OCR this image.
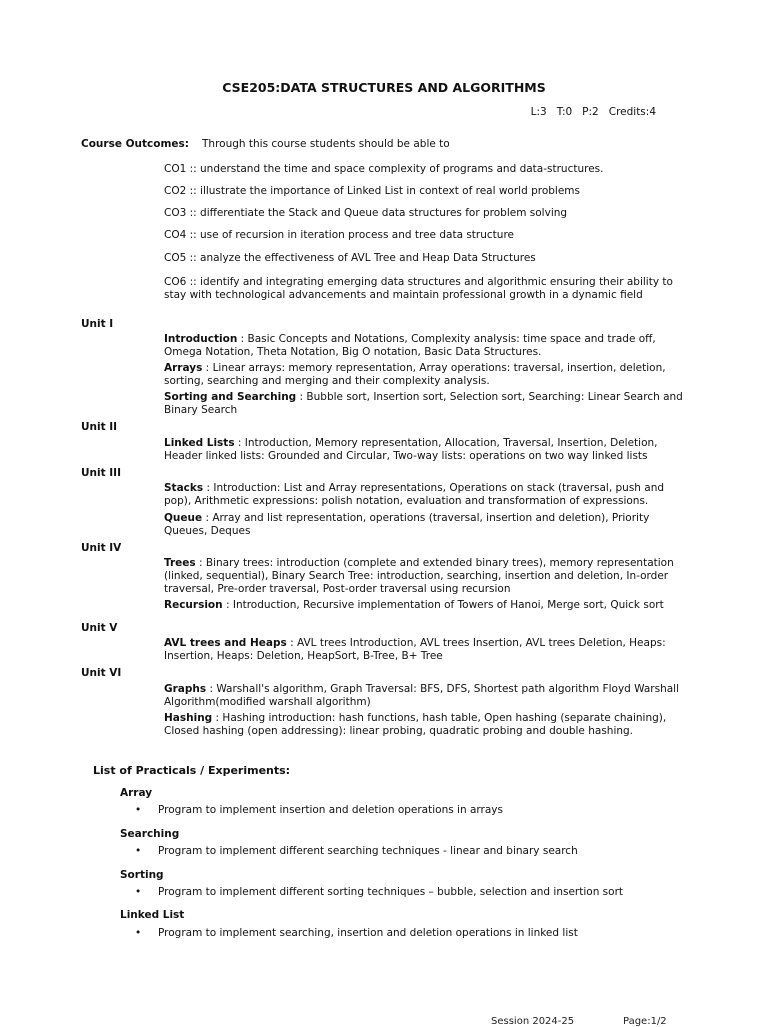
CSE205:DATA STRUCTURES AND ALGORITHMS
L:3 T:0 P:2 Credits:4
Course Outcomes: Through this course students should be able to
CO1 :: understand the time and space complexity of programs and data-structures.
CO2 :: illustrate the importance of Linked List in context of real world problems
CO3 :: differentiate the Stack and Queue data structures for problem solving
CO4 :: use of recursion in iteration process and tree data structure
CO5 :: analyze the effectiveness of AVL Tree and Heap Data Structures
CO6 :: identify and integrating emerging data structures and algorithmic ensuring their ability to stay with technological advancements and maintain professional growth in a dynamic field
Unit I
Introduction : Basic Concepts and Notations, Complexity analysis: time space and trade off, Omega Notation, Theta Notation, Big O notation, Basic Data Structures.
Arrays : Linear arrays: memory representation, Array operations: traversal, insertion, deletion, sorting, searching and merging and their complexity analysis.
Sorting and Searching : Bubble sort, Insertion sort, Selection sort, Searching: Linear Search and Binary Search
Unit II
Linked Lists : Introduction, Memory representation, Allocation, Traversal, Insertion, Deletion, Header linked lists: Grounded and Circular, Two-way lists: operations on two way linked lists
Unit III
Stacks : Introduction: List and Array representations, Operations on stack (traversal, push and pop), Arithmetic expressions: polish notation, evaluation and transformation of expressions.
Queue : Array and list representation, operations (traversal, insertion and deletion), Priority Queues, Deques
Unit IV
Trees : Binary trees: introduction (complete and extended binary trees), memory representation (linked, sequential), Binary Search Tree: introduction, searching, insertion and deletion, In-order traversal, Pre-order traversal, Post-order traversal using recursion
Recursion : Introduction, Recursive implementation of Towers of Hanoi, Merge sort, Quick sort
Unit V
AVL trees and Heaps : AVL trees Introduction, AVL trees Insertion, AVL trees Deletion, Heaps: Insertion, Heaps: Deletion, HeapSort, B-Tree, B+ Tree
Unit VI
Graphs : Warshall's algorithm, Graph Traversal: BFS, DFS, Shortest path algorithm Floyd Warshall Algorithm(modified warshall algorithm)
Hashing : Hashing introduction: hash functions, hash table, Open hashing (separate chaining), Closed hashing (open addressing): linear probing, quadratic probing and double hashing.
List of Practicals / Experiments:
Array
• Program to implement insertion and deletion operations in arrays
Searching
• Program to implement different searching techniques - linear and binary search
Sorting
• Program to implement different sorting techniques – bubble, selection and insertion sort
Linked List
• Program to implement searching, insertion and deletion operations in linked list
Session 2024-25	Page:1/2
